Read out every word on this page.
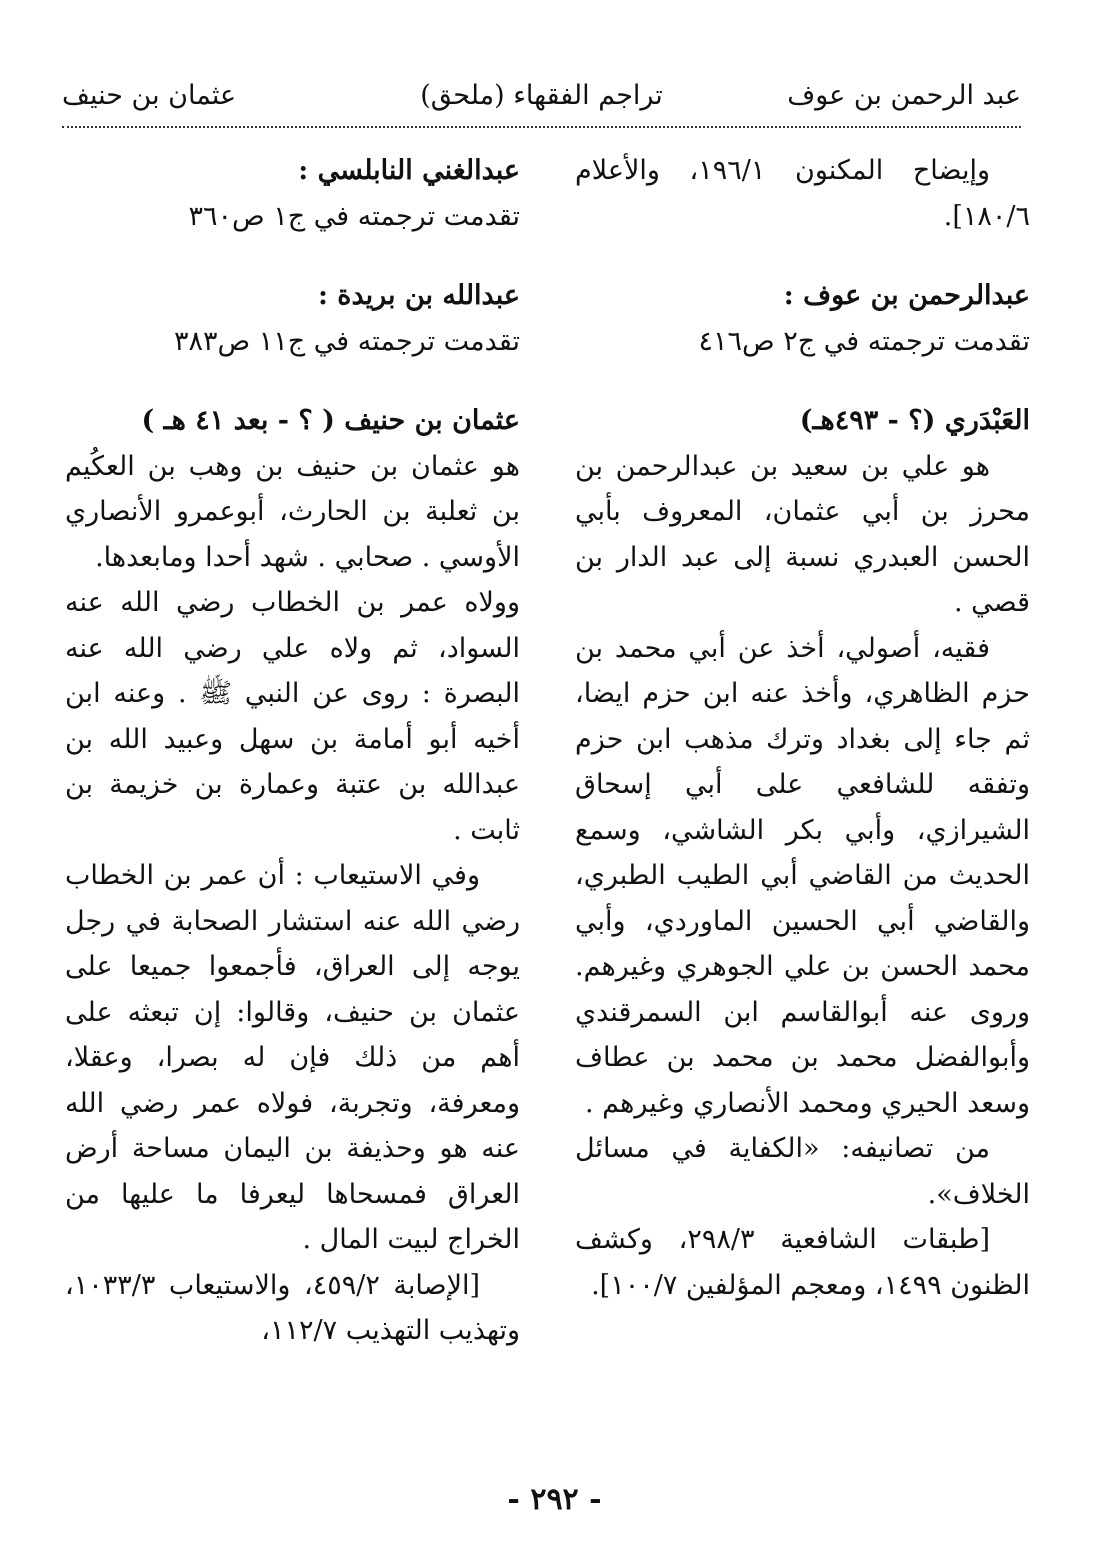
عبد الرحمن بن عوف
(ملحق) تراجم الفقهاء
عثمان بن حنيف
وإيضاح المكنون ١٩٦/١، والأعلام ١٨٠/٦].
عبدالرحمن بن عوف :
تقدمت ترجمته في ج٢ ص٤١٦
العَبْدَري (؟ - ٤٩٣هـ)
هو علي بن سعيد بن عبدالرحمن بن محرز بن أبي عثمان، المعروف بأبي الحسن العبدري نسبة إلى عبد الدار بن قصي .
فقيه، أصولي، أخذ عن أبي محمد بن حزم الظاهري، وأخذ عنه ابن حزم ايضا، ثم جاء إلى بغداد وترك مذهب ابن حزم وتفقه للشافعي على أبي إسحاق الشيرازي، وأبي بكر الشاشي، وسمع الحديث من القاضي أبي الطيب الطبري، والقاضي أبي الحسين الماوردي، وأبي محمد الحسن بن علي الجوهري وغيرهم. وروى عنه أبوالقاسم ابن السمرقندي وأبوالفضل محمد بن محمد بن عطاف وسعد الحيري ومحمد الأنصاري وغيرهم .
من تصانيفه: «الكفاية في مسائل الخلاف».
[طبقات الشافعية ٢٩٨/٣، وكشف الظنون ١٤٩٩، ومعجم المؤلفين ١٠٠/٧].
عبدالغني النابلسي :
تقدمت ترجمته في ج١ ص٣٦٠
عبدالله بن بريدة :
تقدمت ترجمته في ج١١ ص٣٨٣
عثمان بن حنيف ( ؟ - بعد ٤١ هـ )
هو عثمان بن حنيف بن وهب بن العكُيم بن ثعلبة بن الحارث، أبوعمرو الأنصاري الأوسي . صحابي . شهد أحدا ومابعدها.
وولاه عمر بن الخطاب رضي الله عنه السواد، ثم ولاه علي رضي الله عنه البصرة : روى عن النبي ﷺ . وعنه ابن أخيه أبو أمامة بن سهل وعبيد الله بن عبدالله بن عتبة وعمارة بن خزيمة بن ثابت .
وفي الاستيعاب : أن عمر بن الخطاب رضي الله عنه استشار الصحابة في رجل يوجه إلى العراق، فأجمعوا جميعا على عثمان بن حنيف، وقالوا: إن تبعثه على أهم من ذلك فإن له بصرا، وعقلا، ومعرفة، وتجربة، فولاه عمر رضي الله عنه هو وحذيفة بن اليمان مساحة أرض العراق فمسحاها ليعرفا ما عليها من الخراج لبيت المال .
[الإصابة ٤٥٩/٢، والاستيعاب ١٠٣٣/٣، وتهذيب التهذيب ١١٢/٧،
- ٢٩٢ -
